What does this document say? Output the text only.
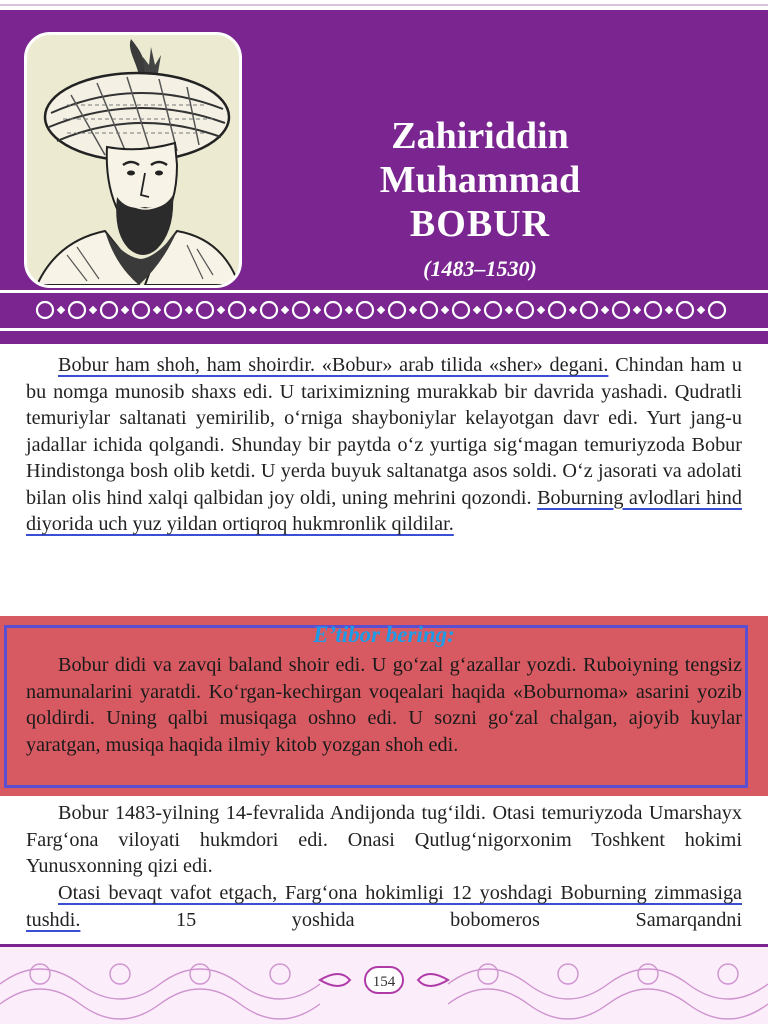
Zahiriddin
Muhammad
BOBUR
(1483–1530)

Bobur ham shoh, ham shoirdir. «Bobur» arab tilida «sher» degani. Chindan ham u bu nomga munosib shaxs edi. U tariximizning murakkab bir davrida yashadi. Qudratli temuriylar saltanati yemirilib, o‘rniga shayboniylar kelayotgan davr edi. Yurt jang-u jadallar ichida qolgandi. Shunday bir paytda o‘z yurtiga sig‘magan temuriyzoda Bobur Hindistonga bosh olib ketdi. U yerda buyuk saltanatga asos soldi. O‘z jasorati va adolati bilan olis hind xalqi qalbidan joy oldi, uning mehrini qozondi. Boburning avlodlari hind diyorida uch yuz yildan ortiqroq hukmronlik qildilar.

E’tibor bering:

Bobur didi va zavqi baland shoir edi. U go‘zal g‘azallar yozdi. Ruboiyning tengsiz namunalarini yaratdi. Ko‘rgan-kechirgan voqealari haqida «Boburnoma» asarini yozib qoldirdi. Uning qalbi musiqaga oshno edi. U sozni go‘zal chalgan, ajoyib kuylar yaratgan, musiqa haqida ilmiy kitob yozgan shoh edi.

Bobur 1483-yilning 14-fevralida Andijonda tug‘ildi. Otasi temuriyzoda Umarshayx Farg‘ona viloyati hukmdori edi. Onasi Qutlug‘nigorxonim Toshkent hokimi Yunusxonning qizi edi.

Otasi bevaqt vafot etgach, Farg‘ona hokimligi 12 yoshdagi Boburning zimmasiga tushdi. 15 yoshida bobomeros Samarqandni

154
